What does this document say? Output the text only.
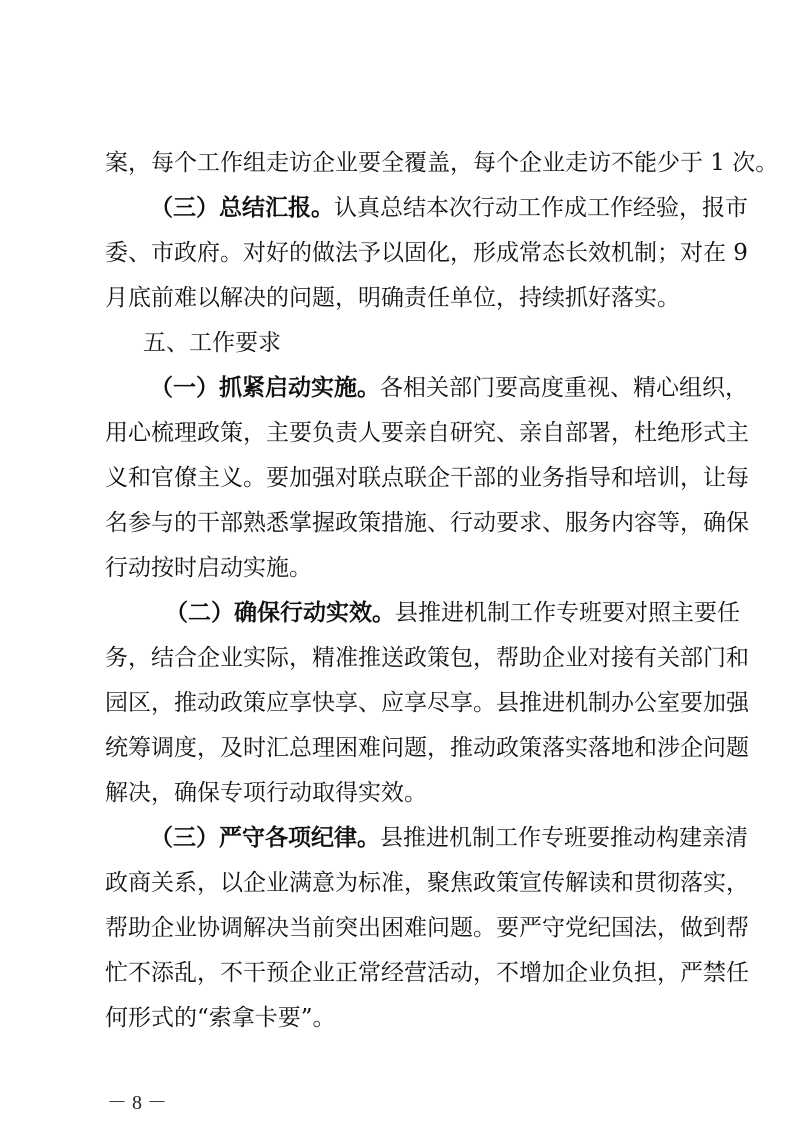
案，每个工作组走访企业要全覆盖，每个企业走访不能少于 1 次。
（三）总结汇报。认真总结本次行动工作成工作经验，报市
委、市政府。对好的做法予以固化，形成常态长效机制；对在 9
月底前难以解决的问题，明确责任单位，持续抓好落实。
五、工作要求
（一）抓紧启动实施。各相关部门要高度重视、精心组织，
用心梳理政策，主要负责人要亲自研究、亲自部署，杜绝形式主
义和官僚主义。要加强对联点联企干部的业务指导和培训，让每
名参与的干部熟悉掌握政策措施、行动要求、服务内容等，确保
行动按时启动实施。
（二）确保行动实效。县推进机制工作专班要对照主要任
务，结合企业实际，精准推送政策包，帮助企业对接有关部门和
园区，推动政策应享快享、应享尽享。县推进机制办公室要加强
统筹调度，及时汇总理困难问题，推动政策落实落地和涉企问题
解决，确保专项行动取得实效。
（三）严守各项纪律。县推进机制工作专班要推动构建亲清
政商关系，以企业满意为标准，聚焦政策宣传解读和贯彻落实，
帮助企业协调解决当前突出困难问题。要严守党纪国法，做到帮
忙不添乱，不干预企业正常经营活动，不增加企业负担，严禁任
何形式的“索拿卡要”。
－ 8 －
